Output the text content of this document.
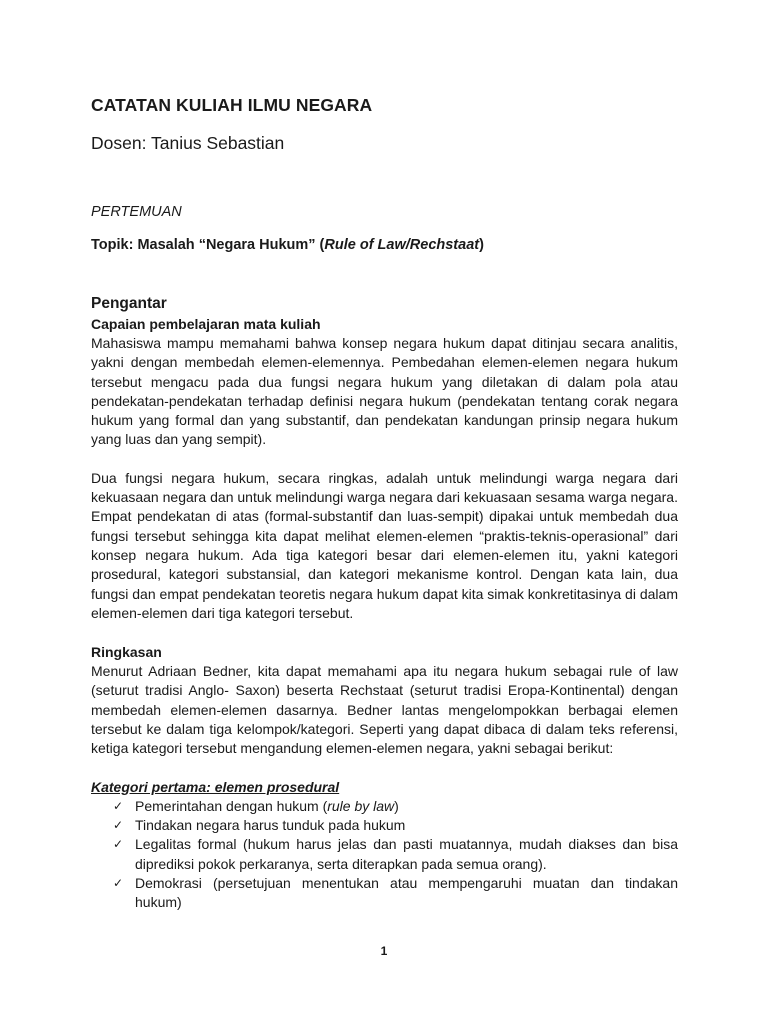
CATATAN KULIAH ILMU NEGARA

Dosen: Tanius Sebastian

PERTEMUAN

Topik: Masalah “Negara Hukum” (Rule of Law/Rechstaat)

Pengantar

Capaian pembelajaran mata kuliah

Mahasiswa mampu memahami bahwa konsep negara hukum dapat ditinjau secara analitis, yakni dengan membedah elemen-elemennya. Pembedahan elemen-elemen negara hukum tersebut mengacu pada dua fungsi negara hukum yang diletakan di dalam pola atau pendekatan-pendekatan terhadap definisi negara hukum (pendekatan tentang corak negara hukum yang formal dan yang substantif, dan pendekatan kandungan prinsip negara hukum yang luas dan yang sempit).

Dua fungsi negara hukum, secara ringkas, adalah untuk melindungi warga negara dari kekuasaan negara dan untuk melindungi warga negara dari kekuasaan sesama warga negara. Empat pendekatan di atas (formal-substantif dan luas-sempit) dipakai untuk membedah dua fungsi tersebut sehingga kita dapat melihat elemen-elemen “praktis-teknis-operasional” dari konsep negara hukum. Ada tiga kategori besar dari elemen-elemen itu, yakni kategori prosedural, kategori substansial, dan kategori mekanisme kontrol. Dengan kata lain, dua fungsi dan empat pendekatan teoretis negara hukum dapat kita simak konkretitasinya di dalam elemen-elemen dari tiga kategori tersebut.

Ringkasan

Menurut Adriaan Bedner, kita dapat memahami apa itu negara hukum sebagai rule of law (seturut tradisi Anglo- Saxon) beserta Rechstaat (seturut tradisi Eropa-Kontinental) dengan membedah elemen-elemen dasarnya. Bedner lantas mengelompokkan berbagai elemen tersebut ke dalam tiga kelompok/kategori. Seperti yang dapat dibaca di dalam teks referensi, ketiga kategori tersebut mengandung elemen-elemen negara, yakni sebagai berikut:

Kategori pertama: elemen prosedural

✓ Pemerintahan dengan hukum (rule by law)
✓ Tindakan negara harus tunduk pada hukum
✓ Legalitas formal (hukum harus jelas dan pasti muatannya, mudah diakses dan bisa diprediksi pokok perkaranya, serta diterapkan pada semua orang).
✓ Demokrasi (persetujuan menentukan atau mempengaruhi muatan dan tindakan hukum)

1
